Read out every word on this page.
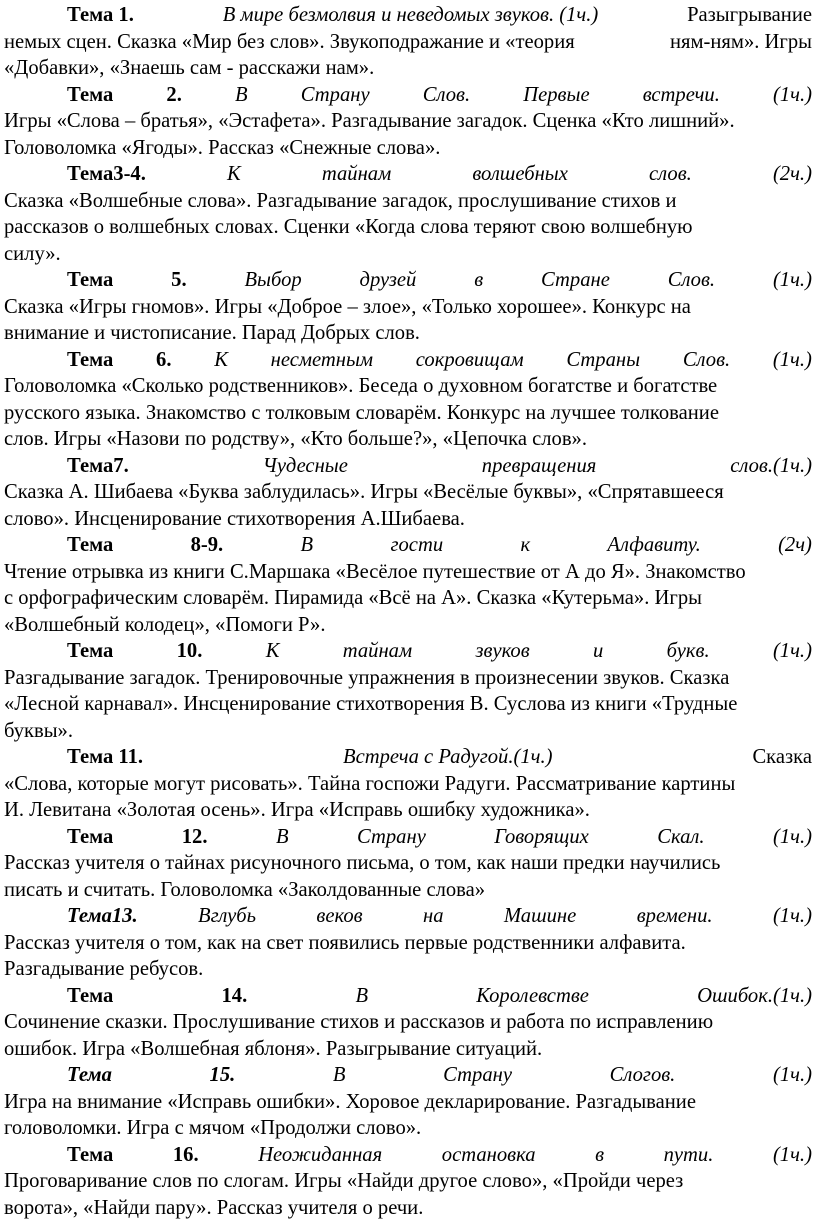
Тема 1.	В мире безмолвия и неведомых звуков. (1ч.)	Разыгрывание
немых сцен. Сказка «Мир без слов». Звукоподражание и «теория	ням-ням». Игры
«Добавки», «Знаешь сам - расскажи нам».
Тема	2.	В	Страну	Слов.	Первые	встречи.	(1ч.)
Игры «Слова – братья», «Эстафета». Разгадывание загадок. Сценка «Кто лишний».
Головоломка «Ягоды». Рассказ «Снежные слова».
Тема3-4.	К	тайнам	волшебных	слов.	(2ч.)
Сказка «Волшебные слова». Разгадывание загадок, прослушивание стихов и
рассказов о волшебных словах. Сценки «Когда слова теряют свою волшебную
силу».
Тема	5.	Выбор	друзей	в	Стране	Слов.	(1ч.)
Сказка «Игры гномов». Игры «Доброе – злое», «Только хорошее». Конкурс на
внимание и чистописание. Парад Добрых слов.
Тема 6. К несметным сокровищам Страны Слов. (1ч.)
Головоломка «Сколько родственников». Беседа о духовном богатстве и богатстве
русского языка. Знакомство с толковым словарём. Конкурс на лучшее толкование
слов. Игры «Назови по родству», «Кто больше?», «Цепочка слов».
Тема7.	Чудесные	превращения	слов.(1ч.)
Сказка А. Шибаева «Буква заблудилась». Игры «Весёлые буквы», «Спрятавшееся
слово». Инсценирование стихотворения А.Шибаева.
Тема	8-9.	В	гости	к	Алфавиту.	(2ч)
Чтение отрывка из книги С.Маршака «Весёлое путешествие от А до Я». Знакомство
с орфографическим словарём. Пирамида «Всё на А». Сказка «Кутерьма». Игры
«Волшебный колодец», «Помоги Р».
Тема	10.	К	тайнам	звуков	и	букв.	(1ч.)
Разгадывание загадок. Тренировочные упражнения в произнесении звуков. Сказка
«Лесной карнавал». Инсценирование стихотворения В. Суслова из книги «Трудные
буквы».
Тема 11.	Встреча с Радугой.(1ч.)	Сказка
«Слова, которые могут рисовать». Тайна госпожи Радуги. Рассматривание картины
И. Левитана «Золотая осень». Игра «Исправь ошибку художника».
Тема	12.	В	Страну	Говорящих	Скал.	(1ч.)
Рассказ учителя о тайнах рисуночного письма, о том, как наши предки научились
писать и считать. Головоломка «Заколдованные слова»
Тема13.	Вглубь	веков	на	Машине	времени.	(1ч.)
Рассказ учителя о том, как на свет появились первые родственники алфавита.
Разгадывание ребусов.
Тема	14.	В	Королевстве	Ошибок.(1ч.)
Сочинение сказки. Прослушивание стихов и рассказов и работа по исправлению
ошибок. Игра «Волшебная яблоня». Разыгрывание ситуаций.
Тема	15.	В	Страну	Слогов.	(1ч.)
Игра на внимание «Исправь ошибки». Хоровое декларирование. Разгадывание
головоломки. Игра с мячом «Продолжи слово».
Тема	16.	Неожиданная	остановка	в	пути.	(1ч.)
Проговаривание слов по слогам. Игры «Найди другое слово», «Пройди через
ворота», «Найди пару». Рассказ учителя о речи.
